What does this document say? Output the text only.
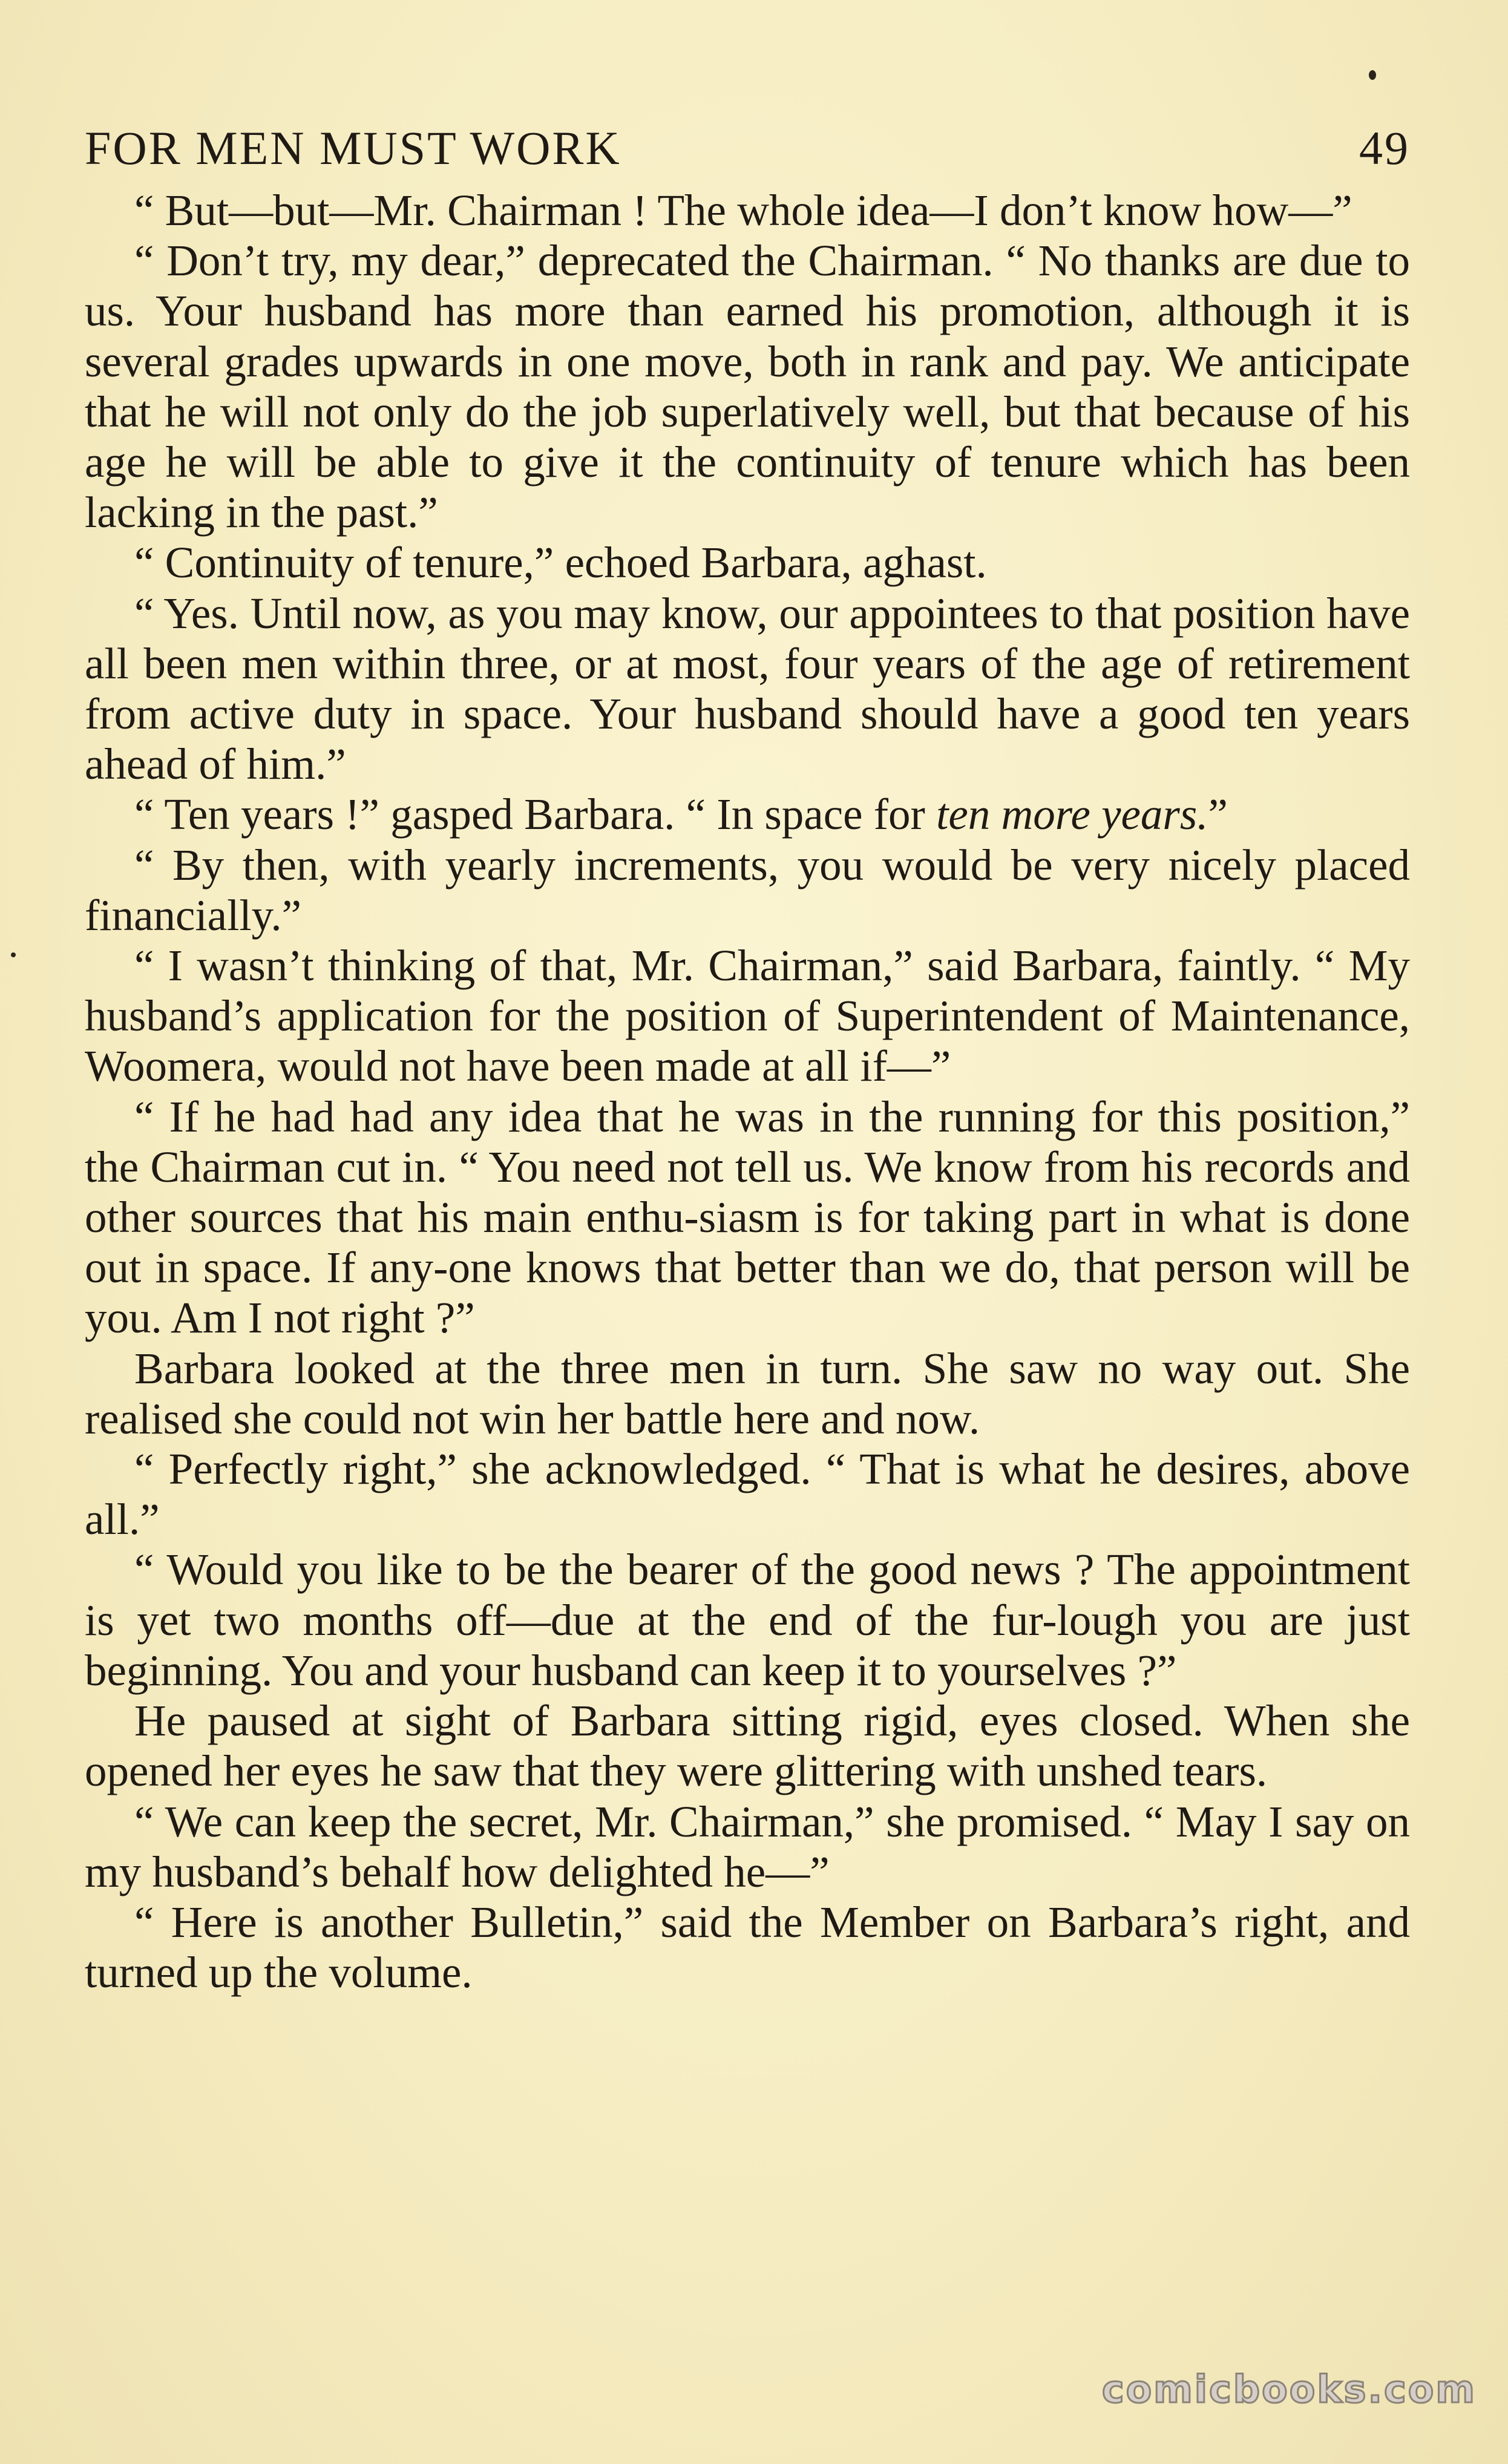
FOR MEN MUST WORK	49

“ But—but—Mr. Chairman ! The whole idea—I don’t know how—”

“ Don’t try, my dear,” deprecated the Chairman. “ No thanks are due to us. Your husband has more than earned his promotion, although it is several grades upwards in one move, both in rank and pay. We anticipate that he will not only do the job superlatively well, but that because of his age he will be able to give it the continuity of tenure which has been lacking in the past.”

“ Continuity of tenure,” echoed Barbara, aghast.

“ Yes. Until now, as you may know, our appointees to that position have all been men within three, or at most, four years of the age of retirement from active duty in space. Your husband should have a good ten years ahead of him.”

“ Ten years !” gasped Barbara. “ In space for ten more years.”

“ By then, with yearly increments, you would be very nicely placed financially.”

“ I wasn’t thinking of that, Mr. Chairman,” said Barbara, faintly. “ My husband’s application for the position of Superintendent of Maintenance, Woomera, would not have been made at all if—”

“ If he had had any idea that he was in the running for this position,” the Chairman cut in. “ You need not tell us. We know from his records and other sources that his main enthu-siasm is for taking part in what is done out in space. If any-one knows that better than we do, that person will be you. Am I not right ?”

Barbara looked at the three men in turn. She saw no way out. She realised she could not win her battle here and now.

“ Perfectly right,” she acknowledged. “ That is what he desires, above all.”

“ Would you like to be the bearer of the good news ? The appointment is yet two months off—due at the end of the fur-lough you are just beginning. You and your husband can keep it to yourselves ?”

He paused at sight of Barbara sitting rigid, eyes closed. When she opened her eyes he saw that they were glittering with unshed tears.

“ We can keep the secret, Mr. Chairman,” she promised. “ May I say on my husband’s behalf how delighted he—”

“ Here is another Bulletin,” said the Member on Barbara’s right, and turned up the volume.

comicbooks.com
